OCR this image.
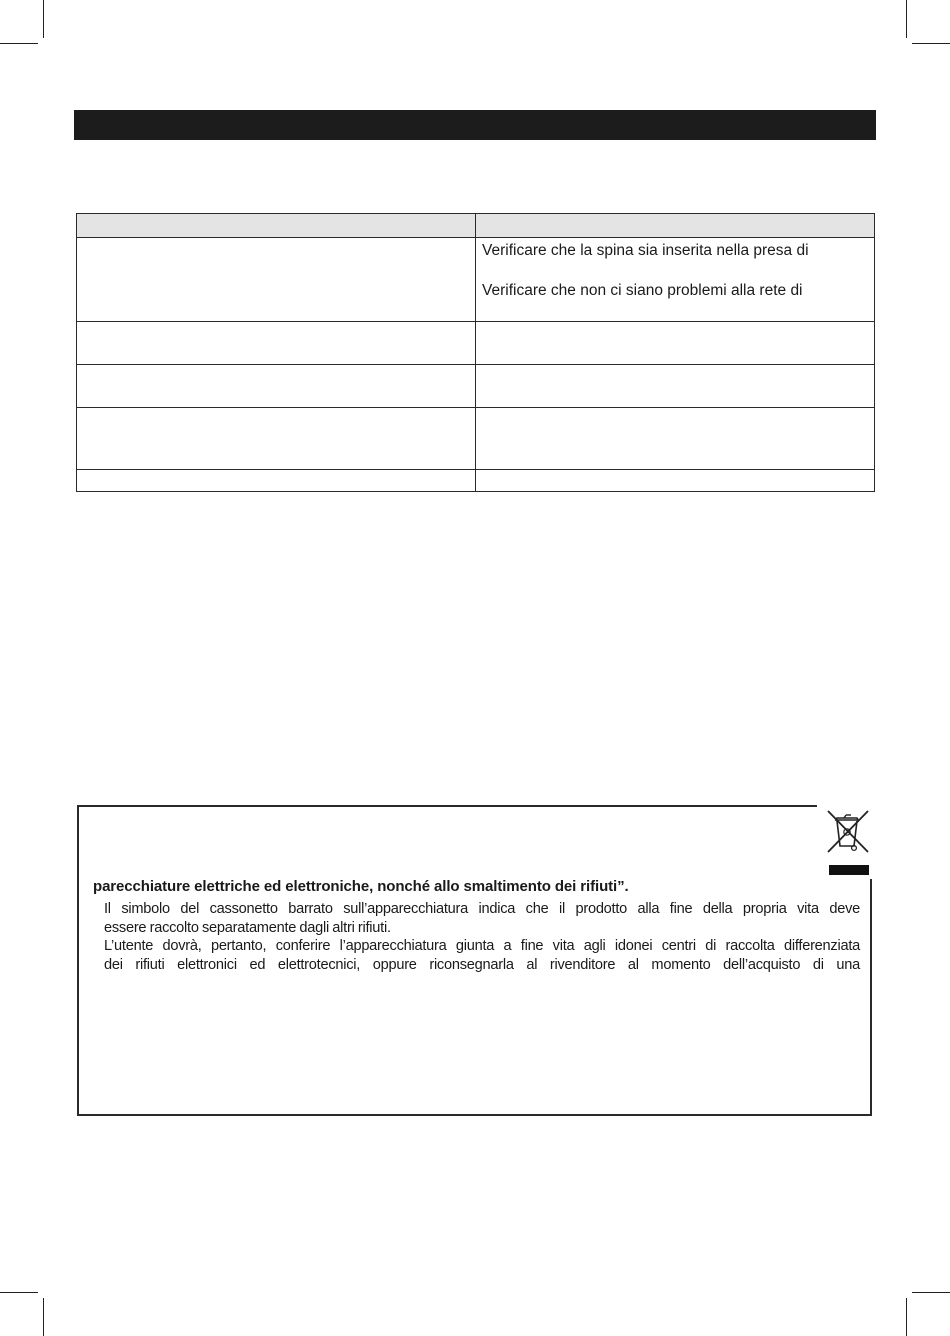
	Verificare che la spina sia inserita nella presa di
Verificare che non ci siano problemi alla rete di

parecchiature elettriche ed elettroniche, nonché allo smaltimento dei rifiuti”.
Il simbolo del cassonetto barrato sull’apparecchiatura indica che il prodotto alla fine della propria vita deve
essere raccolto separatamente dagli altri rifiuti.
L’utente dovrà, pertanto, conferire l’apparecchiatura giunta a fine vita agli idonei centri di raccolta differenziata
dei rifiuti elettronici ed elettrotecnici, oppure riconsegnarla al rivenditore al momento dell’acquisto di una
